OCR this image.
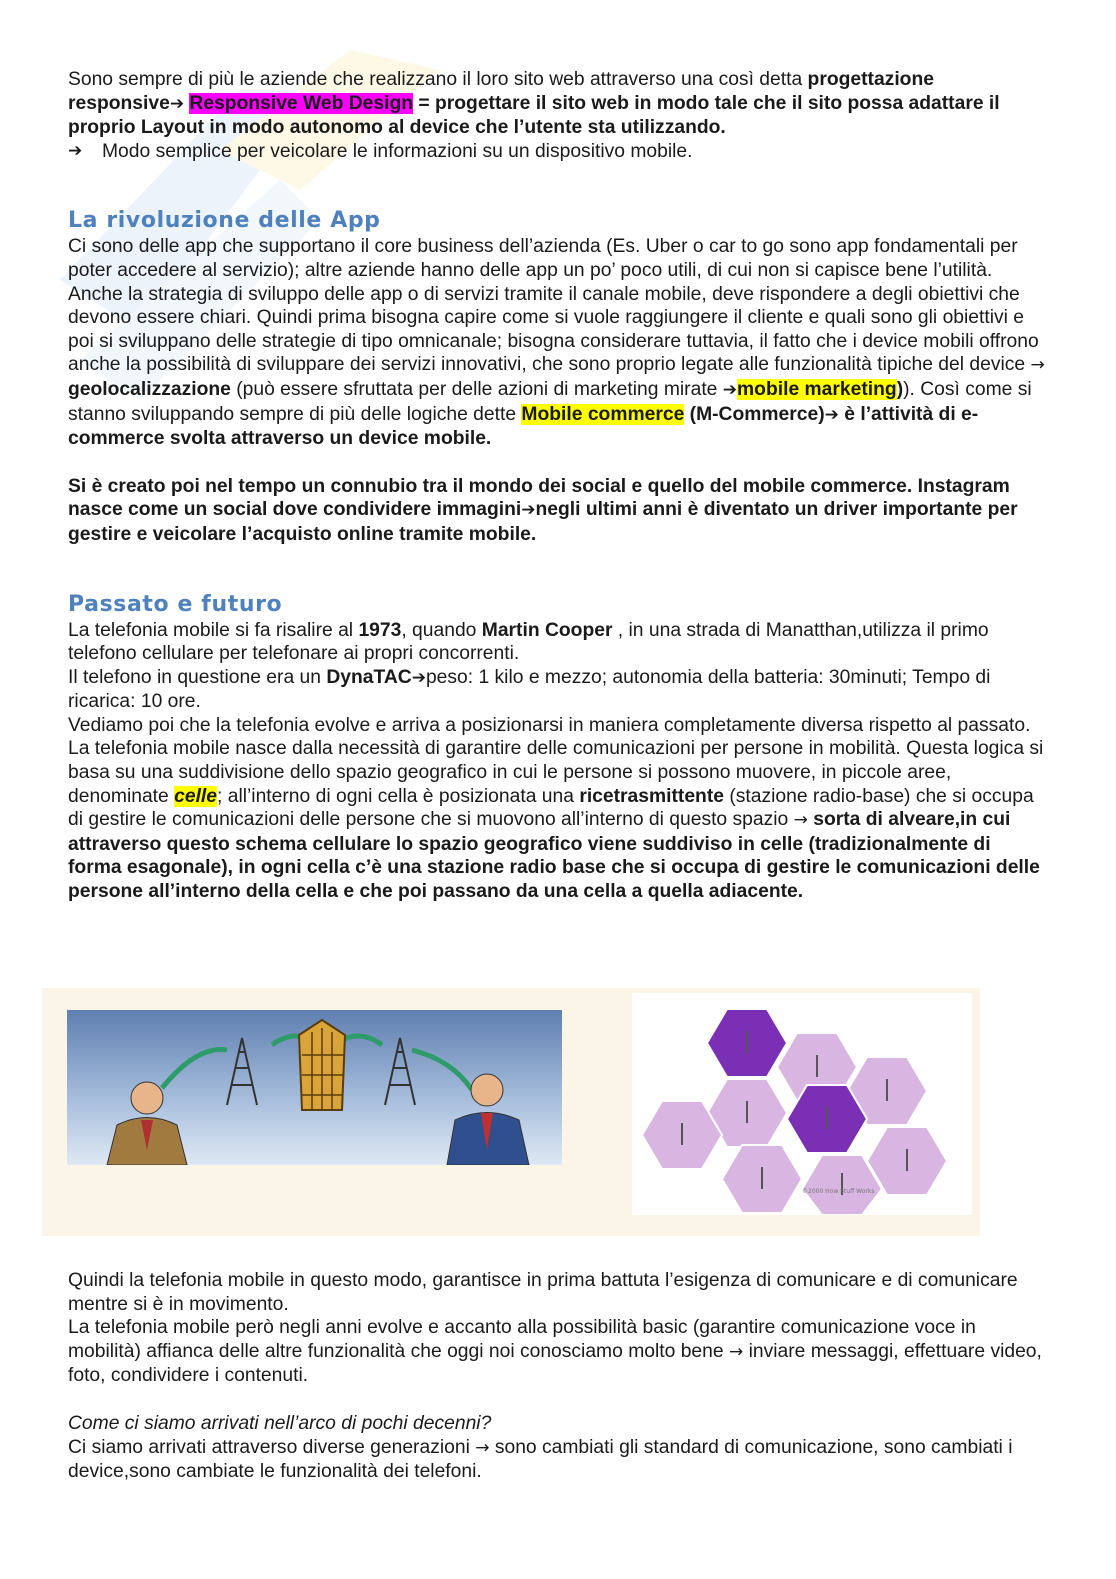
Sono sempre di più le aziende che realizzano il loro sito web attraverso una così detta progettazione responsive➔ Responsive Web Design = progettare il sito web in modo tale che il sito possa adattare il proprio Layout in modo autonomo al device che l’utente sta utilizzando.

➔	Modo semplice per veicolare le informazioni su un dispositivo mobile.
La rivoluzione delle App

Ci sono delle app che supportano il core business dell’azienda (Es. Uber o car to go sono app fondamentali per poter accedere al servizio); altre aziende hanno delle app un po’ poco utili, di cui non si capisce bene l’utilità.

Anche la strategia di sviluppo delle app o di servizi tramite il canale mobile, deve rispondere a degli obiettivi che devono essere chiari. Quindi prima bisogna capire come si vuole raggiungere il cliente e quali sono gli obiettivi e poi si sviluppano delle strategie di tipo omnicanale; bisogna considerare tuttavia, il fatto che i device mobili offrono anche la possibilità di sviluppare dei servizi innovativi, che sono proprio legate alle funzionalità tipiche del device → geolocalizzazione (può essere sfruttata per delle azioni di marketing mirate ➔mobile marketing)). Così come si stanno sviluppando sempre di più delle logiche dette Mobile commerce (M-Commerce)➔ è l’attività di e-commerce svolta attraverso un device mobile.

Si è creato poi nel tempo un connubio tra il mondo dei social e quello del mobile commerce. Instagram nasce come un social dove condividere immagini➔negli ultimi anni è diventato un driver importante per gestire e veicolare l’acquisto online tramite mobile.

Passato e futuro

La telefonia mobile si fa risalire al 1973, quando Martin Cooper , in una strada di Manatthan,utilizza il primo telefono cellulare per telefonare ai propri concorrenti.

Il telefono in questione era un DynaTAC➔peso: 1 kilo e mezzo; autonomia della batteria: 30minuti; Tempo di ricarica: 10 ore.

Vediamo poi che la telefonia evolve e arriva a posizionarsi in maniera completamente diversa rispetto al passato.

La telefonia mobile nasce dalla necessità di garantire delle comunicazioni per persone in mobilità. Questa logica si basa su una suddivisione dello spazio geografico in cui le persone si possono muovere, in piccole aree, denominate celle; all’interno di ogni cella è posizionata una ricetrasmittente (stazione radio-base) che si occupa di gestire le comunicazioni delle persone che si muovono all’interno di questo spazio → sorta di alveare,in cui attraverso questo schema cellulare lo spazio geografico viene suddiviso in celle (tradizionalmente di forma esagonale), in ogni cella c’è una stazione radio base che si occupa di gestire le comunicazioni delle persone all’interno della cella e che poi passano da una cella a quella adiacente.

©2000 How Stuff Works

Quindi la telefonia mobile in questo modo, garantisce in prima battuta l’esigenza di comunicare e di comunicare mentre si è in movimento.

La telefonia mobile però negli anni evolve e accanto alla possibilità basic (garantire comunicazione voce in mobilità) affianca delle altre funzionalità che oggi noi conosciamo molto bene → inviare messaggi, effettuare video, foto, condividere i contenuti.

Come ci siamo arrivati nell’arco di pochi decenni?

Ci siamo arrivati attraverso diverse generazioni → sono cambiati gli standard di comunicazione, sono cambiati i device,sono cambiate le funzionalità dei telefoni.
